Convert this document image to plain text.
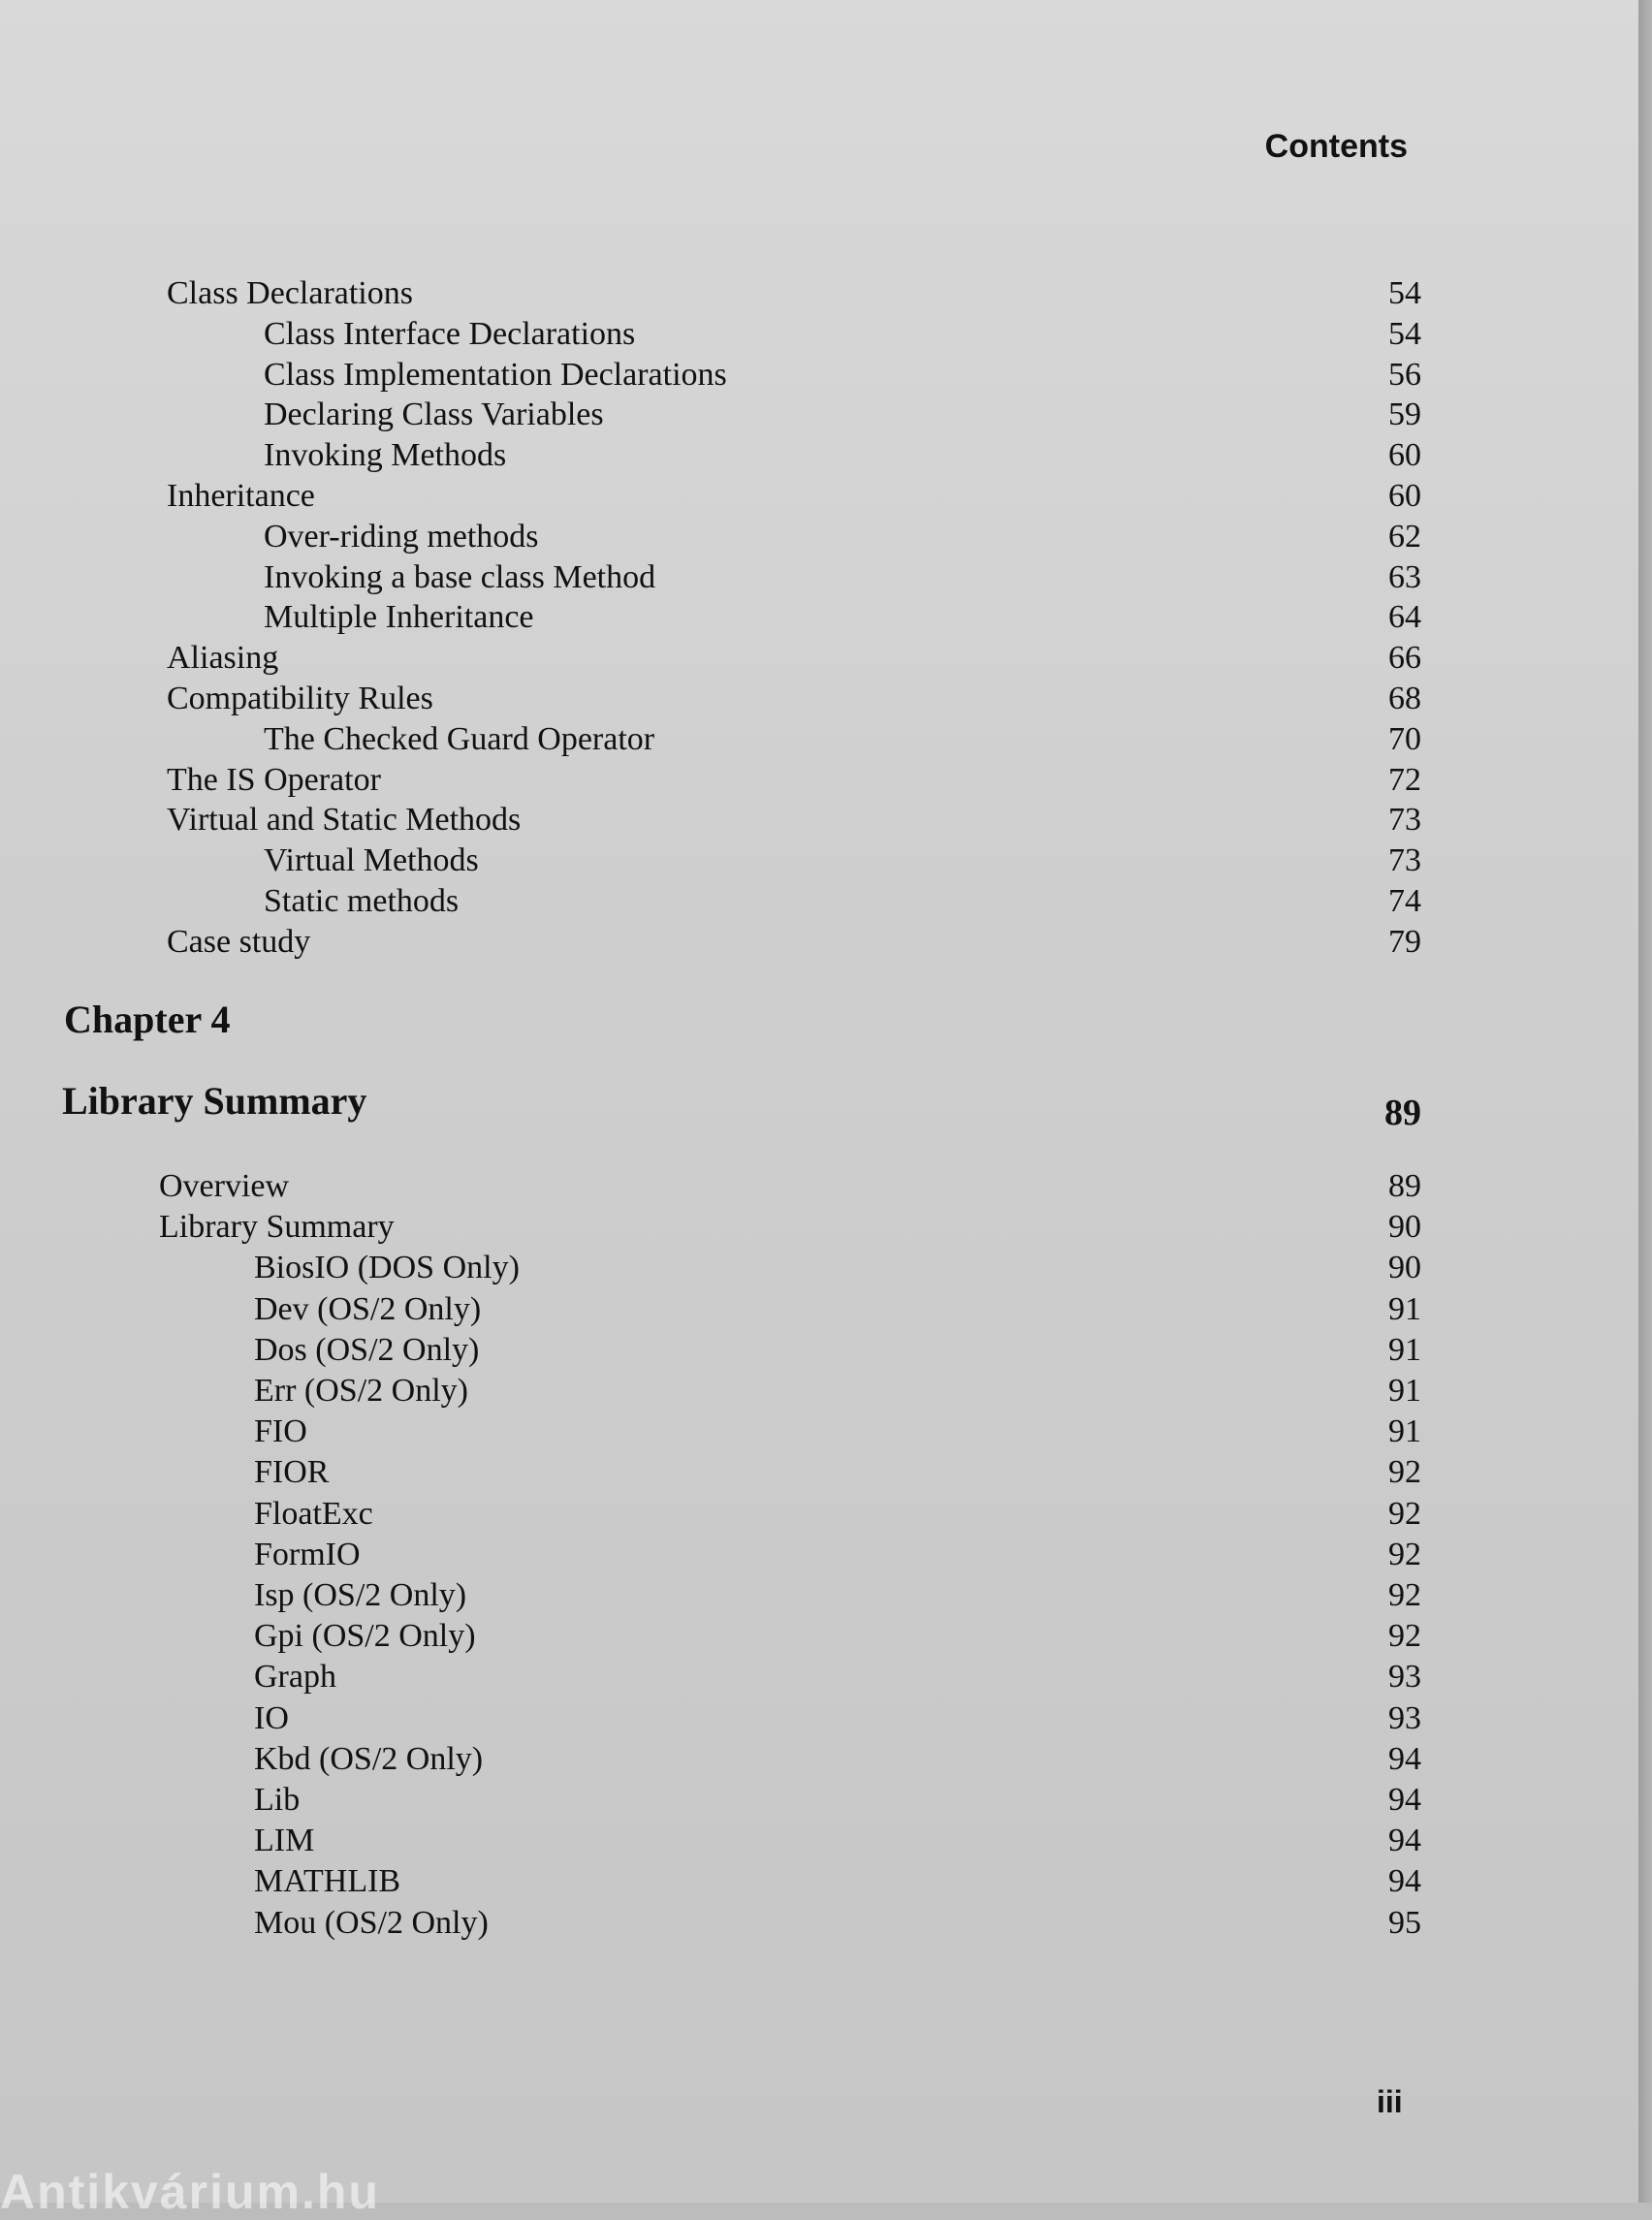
Contents
Class Declarations	54
Class Interface Declarations	54
Class Implementation Declarations	56
Declaring Class Variables	59
Invoking Methods	60
Inheritance	60
Over-riding methods	62
Invoking a base class Method	63
Multiple Inheritance	64
Aliasing	66
Compatibility Rules	68
The Checked Guard Operator	70
The IS Operator	72
Virtual and Static Methods	73
Virtual Methods	73
Static methods	74
Case study	79
Chapter 4
Library Summary	89
Overview	89
Library Summary	90
BiosIO (DOS Only)	90
Dev (OS/2 Only)	91
Dos (OS/2 Only)	91
Err (OS/2 Only)	91
FIO	91
FIOR	92
FloatExc	92
FormIO	92
Isp (OS/2 Only)	92
Gpi (OS/2 Only)	92
Graph	93
IO	93
Kbd (OS/2 Only)	94
Lib	94
LIM	94
MATHLIB	94
Mou (OS/2 Only)	95
iii
Antikvárium.hu
